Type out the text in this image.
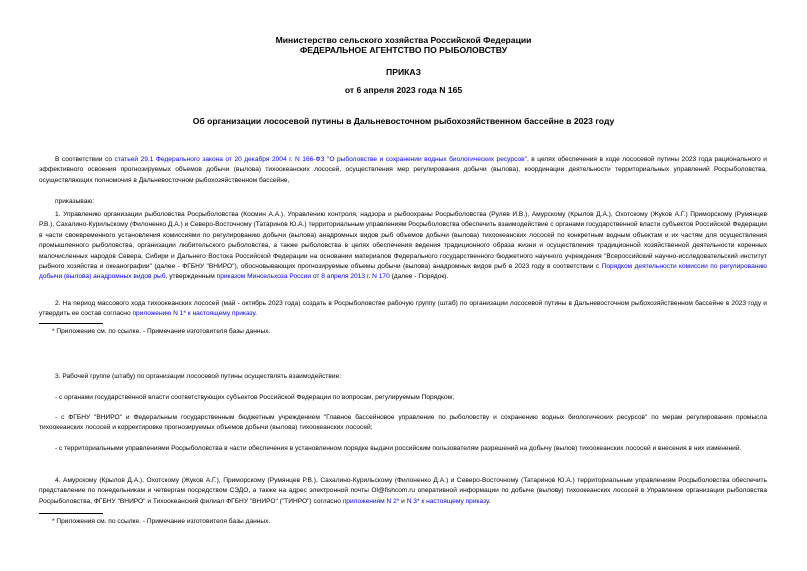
Министерство сельского хозяйства Российской Федерации
ФЕДЕРАЛЬНОЕ АГЕНТСТВО ПО РЫБОЛОВСТВУ
ПРИКАЗ
от 6 апреля 2023 года N 165
Об организации лососевой путины в Дальневосточном рыбохозяйственном бассейне в 2023 году
В соответствии со статьей 29.1 Федерального закона от 20 декабря 2004 г. N 166-ФЗ "О рыболовстве и сохранении водных биологических ресурсов", в целях обеспечения в ходе лососевой путины 2023 года рационального и эффективного освоения прогнозируемых объемов добычи (вылова) тихоокеанских лососей, осуществления мер регулирования добычи (вылова), координации деятельности территориальных управлений Росрыболовства, осуществляющих полномочия в Дальневосточном рыбохозяйственном бассейне,
приказываю:
1. Управлению организации рыболовства Росрыболовства (Космин А.А.), Управлению контроля, надзора и рыбоохраны Росрыболовства (Рулев И.В.), Амурскому (Крылов Д.А.), Охотскому (Жуков А.Г.) Приморскому (Румянцев Р.В.), Сахалино-Курильскому (Филоненко Д.А.) и Северо-Восточному (Татаринов Ю.А.) территориальным управлениям Росрыболовства обеспечить взаимодействие с органами государственной власти субъектов Российской Федерации в части своевременного установления комиссиями по регулированию добычи (вылова) анадромных видов рыб объемов добычи (вылова) тихоокеанских лососей по конкретным водным объектам и их частям для осуществления промышленного рыболовства, организации любительского рыболовства, а также рыболовства в целях обеспечения ведения традиционного образа жизни и осуществления традиционной хозяйственной деятельности коренных малочисленных народов Севера, Сибири и Дальнего Востока Российской Федерации на основании материалов Федерального государственного бюджетного научного учреждения "Всероссийский научно-исследовательский институт рыбного хозяйства и океанографии" (далее - ФГБНУ "ВНИРО"), обосновывающих прогнозируемые объемы добычи (вылова) анадромных видов рыб в 2023 году в соответствии с Порядком деятельности комиссии по регулированию добычи (вылова) анадромных видов рыб, утвержденным приказом Минсельхоза России от 8 апреля 2013 г. N 170 (далее - Порядок).
2. На период массового хода тихоокеанских лососей (май - октябрь 2023 года) создать в Росрыболовстве рабочую группу (штаб) по организации лососевой путины в Дальневосточном рыбохозяйственном бассейне в 2023 году и утвердить ее состав согласно приложению N 1* к настоящему приказу.
* Приложение см. по ссылке. - Примечание изготовителя базы данных.
3. Рабочей группе (штабу) по организации лососевой путины осуществлять взаимодействие:
- с органами государственной власти соответствующих субъектов Российской Федерации по вопросам, регулируемым Порядком;
- с ФГБНУ "ВНИРО" и Федеральным государственным бюджетным учреждением "Главное бассейновое управление по рыболовству и сохранению водных биологических ресурсов" по мерам регулирования промысла тихоокеанских лососей и корректировке прогнозируемых объемов добычи (вылова) тихоокеанских лососей;
- с территориальными управлениями Росрыболовства в части обеспечения в установленном порядке выдачи российским пользователям разрешений на добычу (вылов) тихоокеанских лососей и внесения в них изменений.
4. Амурскому (Крылов Д.А.), Охотскому (Жуков А.Г.), Приморскому (Румянцев Р.В.), Сахалино-Курильскому (Филоненко Д.А.) и Северо-Восточному (Татаринов Ю.А.) территориальным управлениям Росрыболовства обеспечить представление по понедельникам и четвергам посредством СЭДО, а также на адрес электронной почты Ol@fishcom.ru оперативной информации по добыче (вылову) тихоокеанских лососей в Управление организации рыболовства Росрыболовства, ФГБНУ "ВНИРО" и Тихоокеанский филиал ФГБНУ "ВНИРО" ("ТИНРО") согласно приложениям N 2* и N 3* к настоящему приказу.
* Приложения см. по ссылке. - Примечание изготовителя базы данных.
